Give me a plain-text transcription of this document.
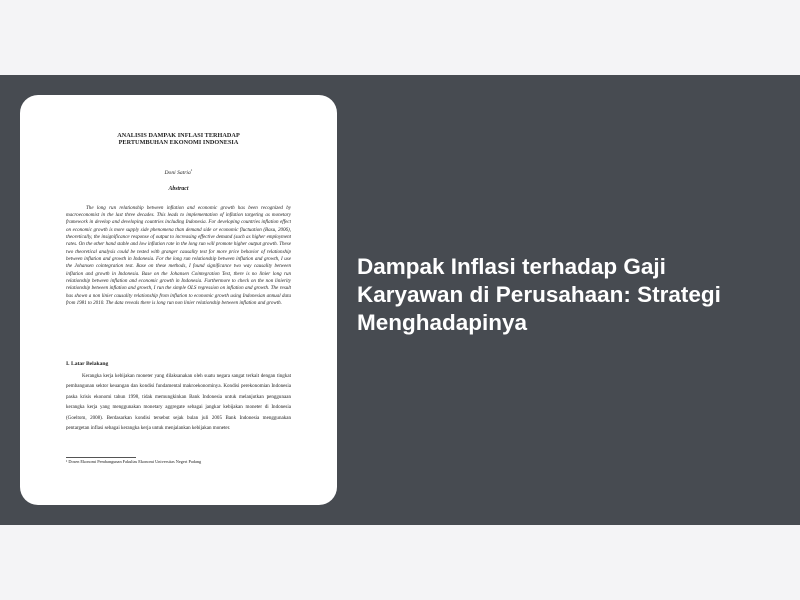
ANALISIS DAMPAK INFLASI TERHADAP
PERTUMBUHAN EKONOMI INDONESIA

Doni Satria$^1$
Abstract
The long run relationship between inflation and economic growth has been recognized by macroeconomist in the last three decades. This leads to implementation of inflation targeting as monetary framework in develop and developing countries including Indonesia. For developing countries inflation effect on economic growth is more supply side phenomena than demand side or economic fluctuation (Basu, 2006), theoretically, the insignificance response of output to increasing effective demand (such as higher employment rates. On the other hand stable and low inflation rate in the long run will promote higher output growth. These two theoretical analysis could be tested with granger causality test for more price behavior of relationship between inflation and growth in Indonesia. For the long run relationship between inflation and growth, I use the Johansen cointegration test. Base on these methods, I found significance two way causality between inflation and growth in Indonesia. Base on the Johansen Cointegration Test, there is no linier long run relationship between inflation and economic growth in Indonesia. Furthermore to check on the non linierity relationship between inflation and growth, I run the simple OLS regression on inflation and growth. The result has shown a non linier causality relationship from inflation to economic growth using Indonesian annual data from 1981 to 2010. The data reveals there is long run non linier relationship between inflation and growth.
I. Latar Belakang
Kerangka kerja kebijakan moneter yang dilaksanakan oleh suatu negara sangat terkait dengan tingkat pembangunan sektor keuangan dan kondisi fundamental makroekonominya. Kondisi perekonomian Indonesia paska krisis ekonomi tahun 1998, tidak memungkinkan Bank Indonesia untuk melanjutkan penggunaan kerangka kerja yang menggunakan monetary aggregate sebagai jangkar kebijakan moneter di Indonesia (Goeltom, 2008). Berdasarkan kondisi tersebut sejak bulan juli 2005 Bank Indonesia menggunakan pentargetan inflasi sebagai kerangka kerja untuk menjalankan kebijakan moneter.
¹ Dosen Ekonomi Pembangunan Fakultas Ekonomi Universitas Negeri Padang
Dampak Inflasi terhadap Gaji Karyawan di Perusahaan: Strategi Menghadapinya
